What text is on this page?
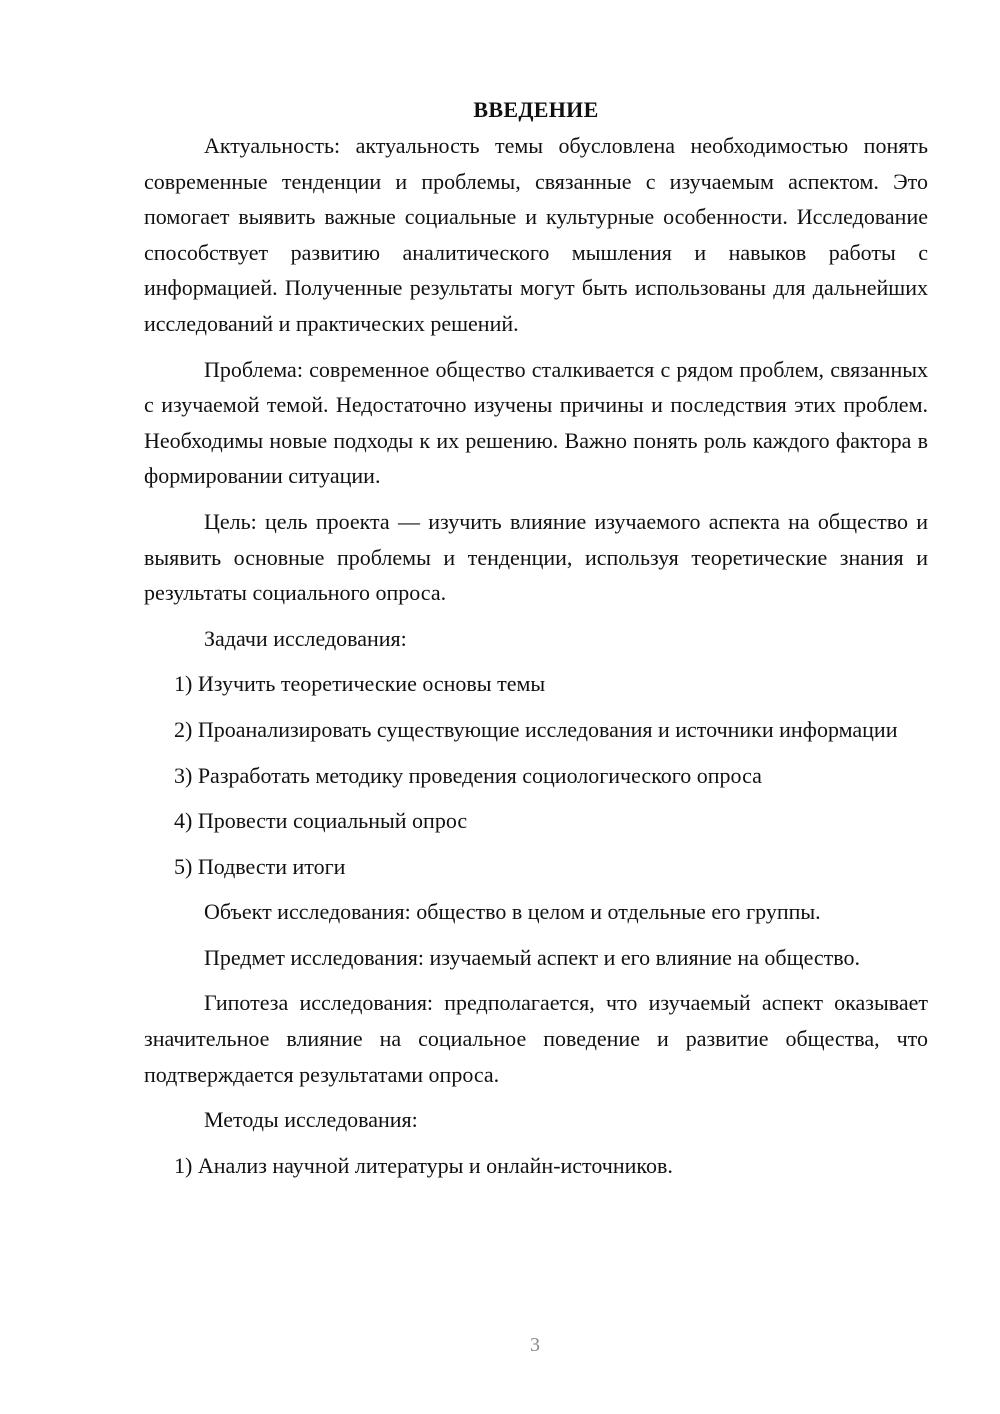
ВВЕДЕНИЕ

Актуальность: актуальность темы обусловлена необходимостью понять современные тенденции и проблемы, связанные с изучаемым аспектом. Это помогает выявить важные социальные и культурные особенности. Исследование способствует развитию аналитического мышления и навыков работы с информацией. Полученные результаты могут быть использованы для дальнейших исследований и практических решений.

Проблема: современное общество сталкивается с рядом проблем, связанных с изучаемой темой. Недостаточно изучены причины и последствия этих проблем. Необходимы новые подходы к их решению. Важно понять роль каждого фактора в формировании ситуации.

Цель: цель проекта — изучить влияние изучаемого аспекта на общество и выявить основные проблемы и тенденции, используя теоретические знания и результаты социального опроса.

Задачи исследования:

1) Изучить теоретические основы темы

2) Проанализировать существующие исследования и источники информации

3) Разработать методику проведения социологического опроса

4) Провести социальный опрос

5) Подвести итоги

Объект исследования: общество в целом и отдельные его группы.

Предмет исследования: изучаемый аспект и его влияние на общество.

Гипотеза исследования: предполагается, что изучаемый аспект оказывает значительное влияние на социальное поведение и развитие общества, что подтверждается результатами опроса.

Методы исследования:

1) Анализ научной литературы и онлайн-источников.

3
